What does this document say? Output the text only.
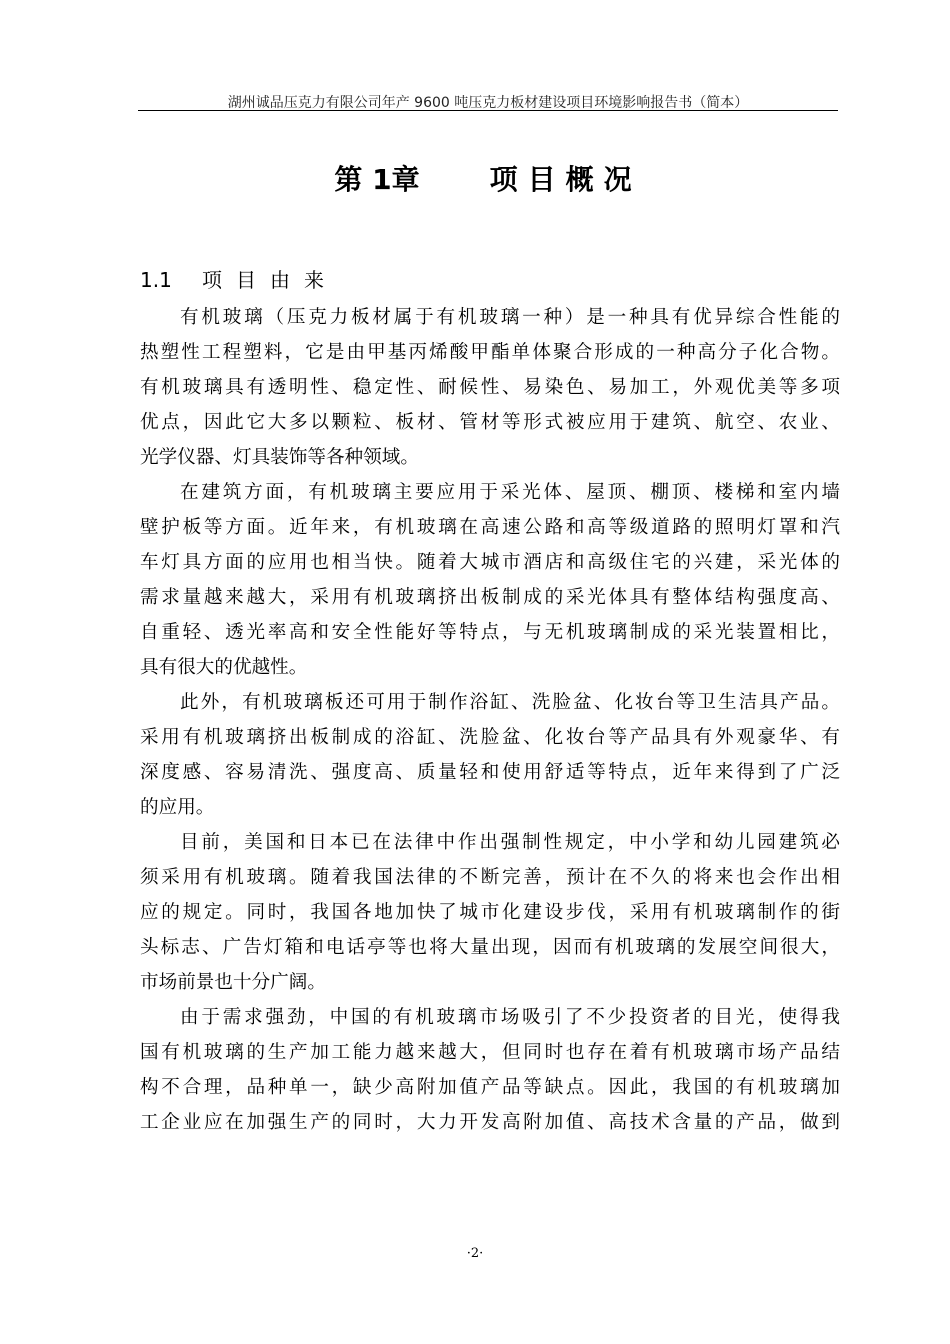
湖州诚品压克力有限公司年产 9600 吨压克力板材建设项目环境影响报告书（简本）
第 1章	项目概况
1.1 项目由来
有机玻璃（压克力板材属于有机玻璃一种）是一种具有优异综合性能的
热塑性工程塑料，它是由甲基丙烯酸甲酯单体聚合形成的一种高分子化合物。
有机玻璃具有透明性、稳定性、耐候性、易染色、易加工，外观优美等多项
优点，因此它大多以颗粒、板材、管材等形式被应用于建筑、航空、农业、
光学仪器、灯具装饰等各种领域。
在建筑方面，有机玻璃主要应用于采光体、屋顶、棚顶、楼梯和室内墙
壁护板等方面。近年来，有机玻璃在高速公路和高等级道路的照明灯罩和汽
车灯具方面的应用也相当快。随着大城市酒店和高级住宅的兴建，采光体的
需求量越来越大，采用有机玻璃挤出板制成的采光体具有整体结构强度高、
自重轻、透光率高和安全性能好等特点，与无机玻璃制成的采光装置相比，
具有很大的优越性。
此外，有机玻璃板还可用于制作浴缸、洗脸盆、化妆台等卫生洁具产品。
采用有机玻璃挤出板制成的浴缸、洗脸盆、化妆台等产品具有外观豪华、有
深度感、容易清洗、强度高、质量轻和使用舒适等特点，近年来得到了广泛
的应用。
目前，美国和日本已在法律中作出强制性规定，中小学和幼儿园建筑必
须采用有机玻璃。随着我国法律的不断完善，预计在不久的将来也会作出相
应的规定。同时，我国各地加快了城市化建设步伐，采用有机玻璃制作的街
头标志、广告灯箱和电话亭等也将大量出现，因而有机玻璃的发展空间很大，
市场前景也十分广阔。
由于需求强劲，中国的有机玻璃市场吸引了不少投资者的目光，使得我
国有机玻璃的生产加工能力越来越大，但同时也存在着有机玻璃市场产品结
构不合理，品种单一，缺少高附加值产品等缺点。因此，我国的有机玻璃加
工企业应在加强生产的同时，大力开发高附加值、高技术含量的产品，做到
·2·
